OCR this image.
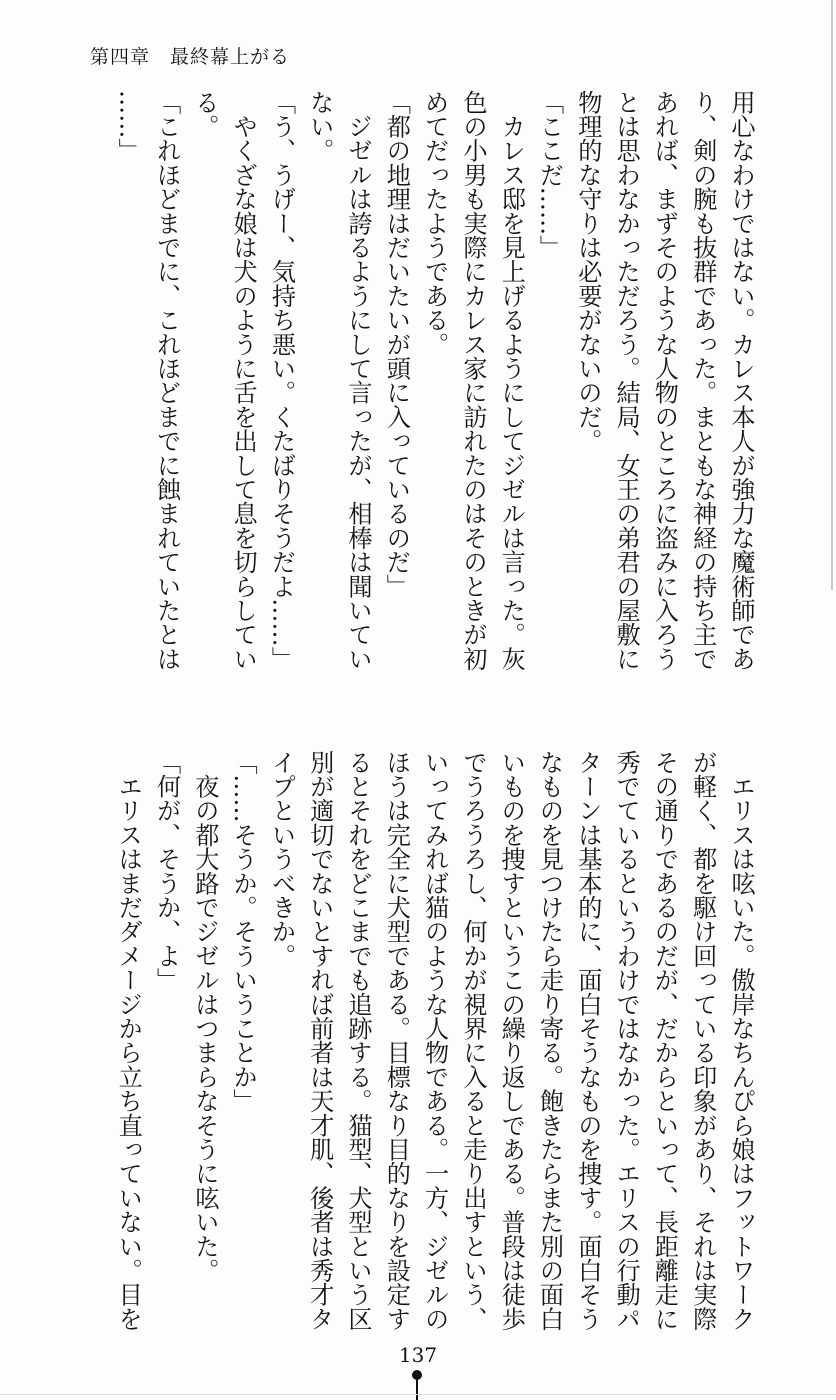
第四章　最終幕上がる
用心なわけではない。カレス本人が強力な魔術師であ
り、剣の腕も抜群であった。まともな神経の持ち主で
あれば、まずそのような人物のところに盗みに入ろう
とは思わなかっただろう。結局、女王の弟君の屋敷に
物理的な守りは必要がないのだ。
「ここだ……」
　カレス邸を見上げるようにしてジゼルは言った。灰
色の小男も実際にカレス家に訪れたのはそのときが初
めてだったようである。
「都の地理はだいたいが頭に入っているのだ」
　ジゼルは誇るようにして言ったが、相棒は聞いてい
ない。
「う、うげー、気持ち悪い。くたばりそうだよ……」
　やくざな娘は犬のように舌を出して息を切らしてい
る。
「これほどまでに、これほどまでに蝕まれていたとは
……」
　エリスは呟いた。傲岸なちんぴら娘はフットワーク
が軽く、都を駆け回っている印象があり、それは実際
その通りであるのだが、だからといって、長距離走に
秀でているというわけではなかった。エリスの行動パ
ターンは基本的に、面白そうなものを捜す。面白そう
なものを見つけたら走り寄る。飽きたらまた別の面白
いものを捜すというこの繰り返しである。普段は徒歩
でうろうろし、何かが視界に入ると走り出すという、
いってみれば猫のような人物である。一方、ジゼルの
ほうは完全に犬型である。目標なり目的なりを設定す
るとそれをどこまでも追跡する。猫型、犬型という区
別が適切でないとすれば前者は天才肌、後者は秀才タ
イプというべきか。
「……そうか。そういうことか」
　夜の都大路でジゼルはつまらなそうに呟いた。
「何が、そうか、よ」
　エリスはまだダメージから立ち直っていない。目を
137
